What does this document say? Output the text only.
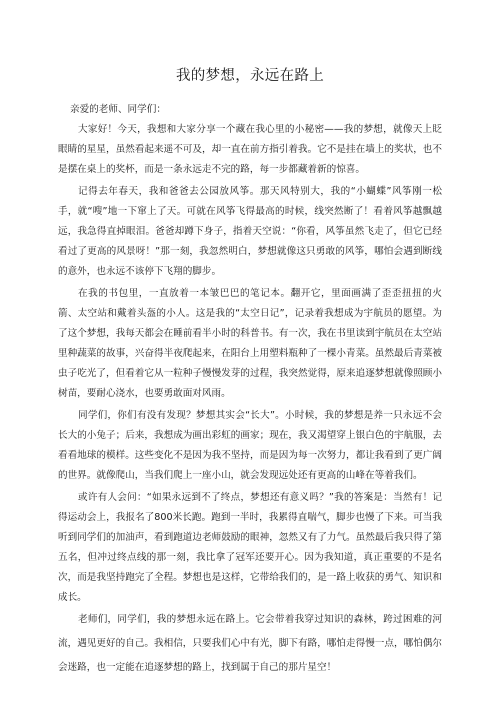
我的梦想，永远在路上

亲爱的老师、同学们：

大家好！今天，我想和大家分享一个藏在我心里的小秘密——我的梦想，就像天上眨眼睛的星星，虽然看起来遥不可及，却一直在前方指引着我。它不是挂在墙上的奖状，也不是摆在桌上的奖杯，而是一条永远走不完的路，每一步都藏着新的惊喜。

记得去年春天，我和爸爸去公园放风筝。那天风特别大，我的“小蝴蝶”风筝刚一松手，就“嗖”地一下窜上了天。可就在风筝飞得最高的时候，线突然断了！看着风筝越飘越远，我急得直掉眼泪。爸爸却蹲下身子，指着天空说：“你看，风筝虽然飞走了，但它已经看过了更高的风景呀！”那一刻，我忽然明白，梦想就像这只勇敢的风筝，哪怕会遇到断线的意外，也永远不该停下飞翔的脚步。

在我的书包里，一直放着一本皱巴巴的笔记本。翻开它，里面画满了歪歪扭扭的火箭、太空站和戴着头盔的小人。这是我的“太空日记”，记录着我想成为宇航员的愿望。为了这个梦想，我每天都会在睡前看半小时的科普书。有一次，我在书里读到宇航员在太空站里种蔬菜的故事，兴奋得半夜爬起来，在阳台上用塑料瓶种了一棵小青菜。虽然最后青菜被虫子吃光了，但看着它从一粒种子慢慢发芽的过程，我突然觉得，原来追逐梦想就像照顾小树苗，要耐心浇水，也要勇敢面对风雨。

同学们，你们有没有发现？梦想其实会“长大”。小时候，我的梦想是养一只永远不会长大的小兔子；后来，我想成为画出彩虹的画家；现在，我又渴望穿上银白色的宇航服，去看看地球的模样。这些变化不是因为我不坚持，而是因为每一次努力，都让我看到了更广阔的世界。就像爬山，当我们爬上一座小山，就会发现远处还有更高的山峰在等着我们。

或许有人会问：“如果永远到不了终点，梦想还有意义吗？”我的答案是：当然有！记得运动会上，我报名了800米长跑。跑到一半时，我累得直喘气，脚步也慢了下来。可当我听到同学们的加油声，看到跑道边老师鼓励的眼神，忽然又有了力气。虽然最后我只得了第五名，但冲过终点线的那一刻，我比拿了冠军还要开心。因为我知道，真正重要的不是名次，而是我坚持跑完了全程。梦想也是这样，它带给我们的，是一路上收获的勇气、知识和成长。

老师们，同学们，我的梦想永远在路上。它会带着我穿过知识的森林，跨过困难的河流，遇见更好的自己。我相信，只要我们心中有光，脚下有路，哪怕走得慢一点，哪怕偶尔会迷路，也一定能在追逐梦想的路上，找到属于自己的那片星空！
